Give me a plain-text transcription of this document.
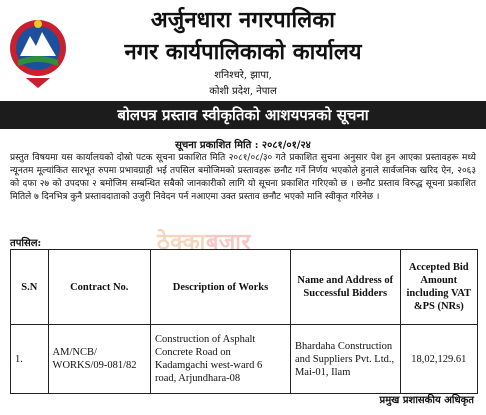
अर्जुनधारा नगरपालिका
नगर कार्यपालिकाको कार्यालय
शनिश्चरे, झापा,
कोशी प्रदेश, नेपाल
बोलपत्र प्रस्ताव स्वीकृतिको आशयपत्रको सूचना
सूचना प्रकाशित मिति : २०८१/०१/२४
प्रस्तुत विषयमा यस कार्यालयको दोस्रो पटक सूचना प्रकाशित मिति २०८१/०८/३० गते प्रकाशित सुचना अनुसार पेश हुन आएका प्रस्तावहरू मध्ये न्यूनतम मूल्यांकित सारभूत रुपमा प्रभावग्राही भई तपसिल बमोजिमको प्रस्तावहरू छनौट गर्ने निर्णय भएकोले हुनाले सार्वजनिक खरिद ऐन, २०६३ को दफा २७ को उपदफा २ बमोजिम सम्बन्धित सबैको जानकारीको लागि यो सूचना प्रकाशित गरिएको छ । छनौट प्रस्ताव विरुद्ध सूचना प्रकाशित मितिले ७ दिनभित्र कुनै प्रस्तावदाताको उजुरी निवेदन पर्न नआएमा उक्त प्रस्ताव छनौट भएको मानि स्वीकृत गरिनेछ ।
ठेक्काबजार
तपसिल:
S.N	Contract No.	Description of Works	Name and Address of Successful Bidders	Accepted Bid Amount including VAT &PS (NRs)
1.	AM/NCB/ WORKS/09-081/82	Construction of Asphalt Concrete Road on Kadamgachi west-ward 6 road, Arjundhara-08	Bhardaha Construction and Suppliers Pvt. Ltd., Mai-01, Ilam	18,02,129.61
प्रमुख प्रशासकीय अधिकृत
